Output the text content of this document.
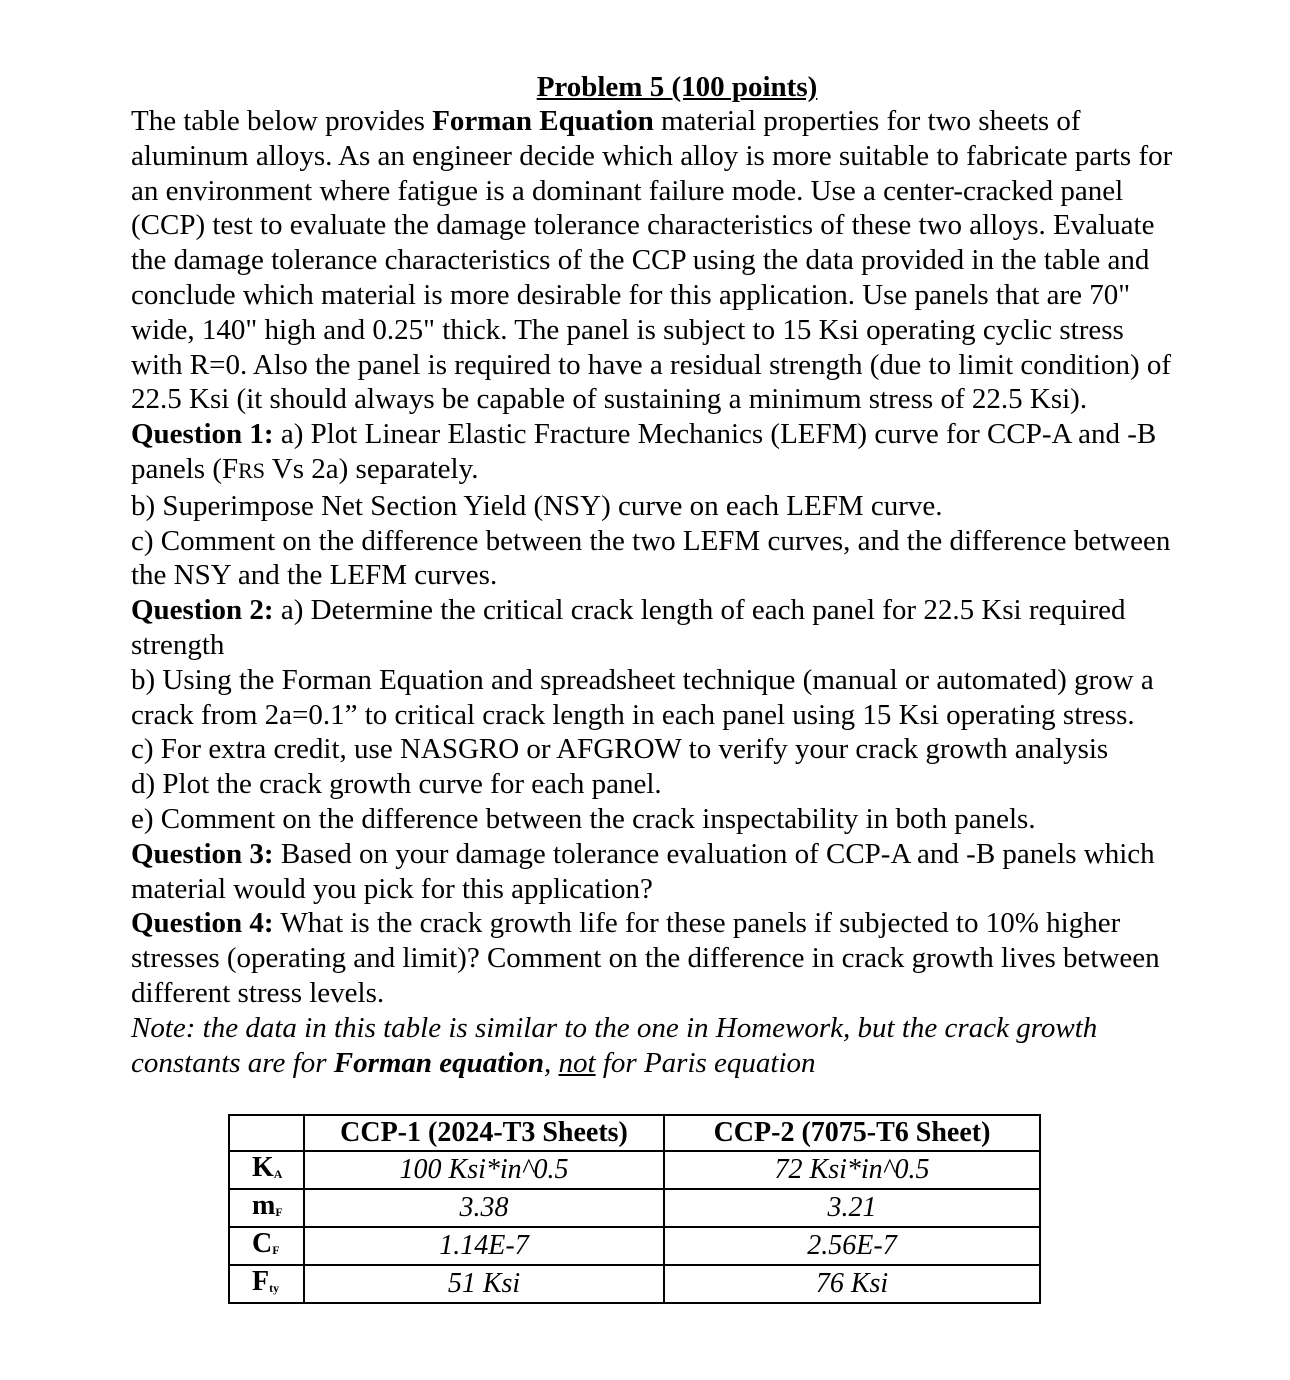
Problem 5 (100 points)
The table below provides Forman Equation material properties for two sheets of
aluminum alloys. As an engineer decide which alloy is more suitable to fabricate parts for
an environment where fatigue is a dominant failure mode. Use a center-cracked panel
(CCP) test to evaluate the damage tolerance characteristics of these two alloys. Evaluate
the damage tolerance characteristics of the CCP using the data provided in the table and
conclude which material is more desirable for this application. Use panels that are 70"
wide, 140" high and 0.25" thick. The panel is subject to 15 Ksi operating cyclic stress
with R=0. Also the panel is required to have a residual strength (due to limit condition) of
22.5 Ksi (it should always be capable of sustaining a minimum stress of 22.5 Ksi).
Question 1: a) Plot Linear Elastic Fracture Mechanics (LEFM) curve for CCP-A and -B
panels (FRS Vs 2a) separately.
b) Superimpose Net Section Yield (NSY) curve on each LEFM curve.
c) Comment on the difference between the two LEFM curves, and the difference between
the NSY and the LEFM curves.
Question 2: a) Determine the critical crack length of each panel for 22.5 Ksi required
strength
b) Using the Forman Equation and spreadsheet technique (manual or automated) grow a
crack from 2a=0.1” to critical crack length in each panel using 15 Ksi operating stress.
c) For extra credit, use NASGRO or AFGROW to verify your crack growth analysis
d) Plot the crack growth curve for each panel.
e) Comment on the difference between the crack inspectability in both panels.
Question 3: Based on your damage tolerance evaluation of CCP-A and -B panels which
material would you pick for this application?
Question 4: What is the crack growth life for these panels if subjected to 10% higher
stresses (operating and limit)? Comment on the difference in crack growth lives between
different stress levels.
Note: the data in this table is similar to the one in Homework, but the crack growth
constants are for Forman equation, not for Paris equation
	CCP-1 (2024-T3 Sheets)	CCP-2 (7075-T6 Sheet)
KA	100 Ksi*in^0.5	72 Ksi*in^0.5
mF	3.38	3.21
CF	1.14E-7	2.56E-7
Fty	51 Ksi	76 Ksi
